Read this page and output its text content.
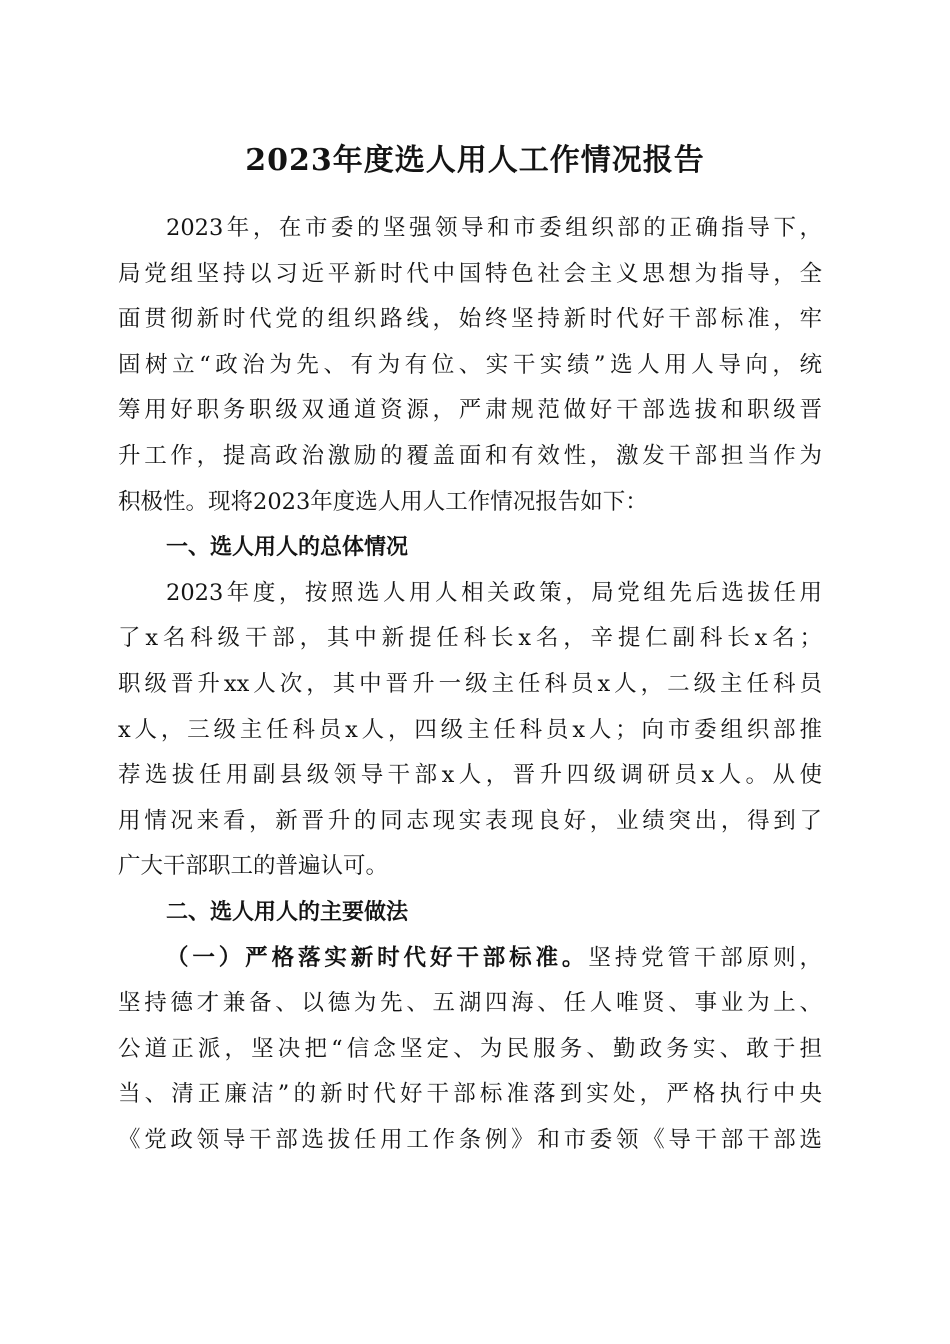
2023年度选人用人工作情况报告
2023年，在市委的坚强领导和市委组织部的正确指导下，
局党组坚持以习近平新时代中国特色社会主义思想为指导，全
面贯彻新时代党的组织路线，始终坚持新时代好干部标准，牢
固树立“政治为先、有为有位、实干实绩”选人用人导向，统
筹用好职务职级双通道资源，严肃规范做好干部选拔和职级晋
升工作，提高政治激励的覆盖面和有效性，激发干部担当作为
积极性。现将2023年度选人用人工作情况报告如下：
一、选人用人的总体情况
2023年度，按照选人用人相关政策，局党组先后选拔任用
了x名科级干部，其中新提任科长x名，辛提仁副科长x名；
职级晋升xx人次，其中晋升一级主任科员x人，二级主任科员
x人，三级主任科员x人，四级主任科员x人；向市委组织部推
荐选拔任用副县级领导干部x人，晋升四级调研员x人。从使
用情况来看，新晋升的同志现实表现良好，业绩突出，得到了
广大干部职工的普遍认可。
二、选人用人的主要做法
（一）严格落实新时代好干部标准。坚持党管干部原则，
坚持德才兼备、以德为先、五湖四海、任人唯贤、事业为上、
公道正派，坚决把“信念坚定、为民服务、勤政务实、敢于担
当、清正廉洁”的新时代好干部标准落到实处，严格执行中央
《党政领导干部选拔任用工作条例》和市委领《导干部干部选
